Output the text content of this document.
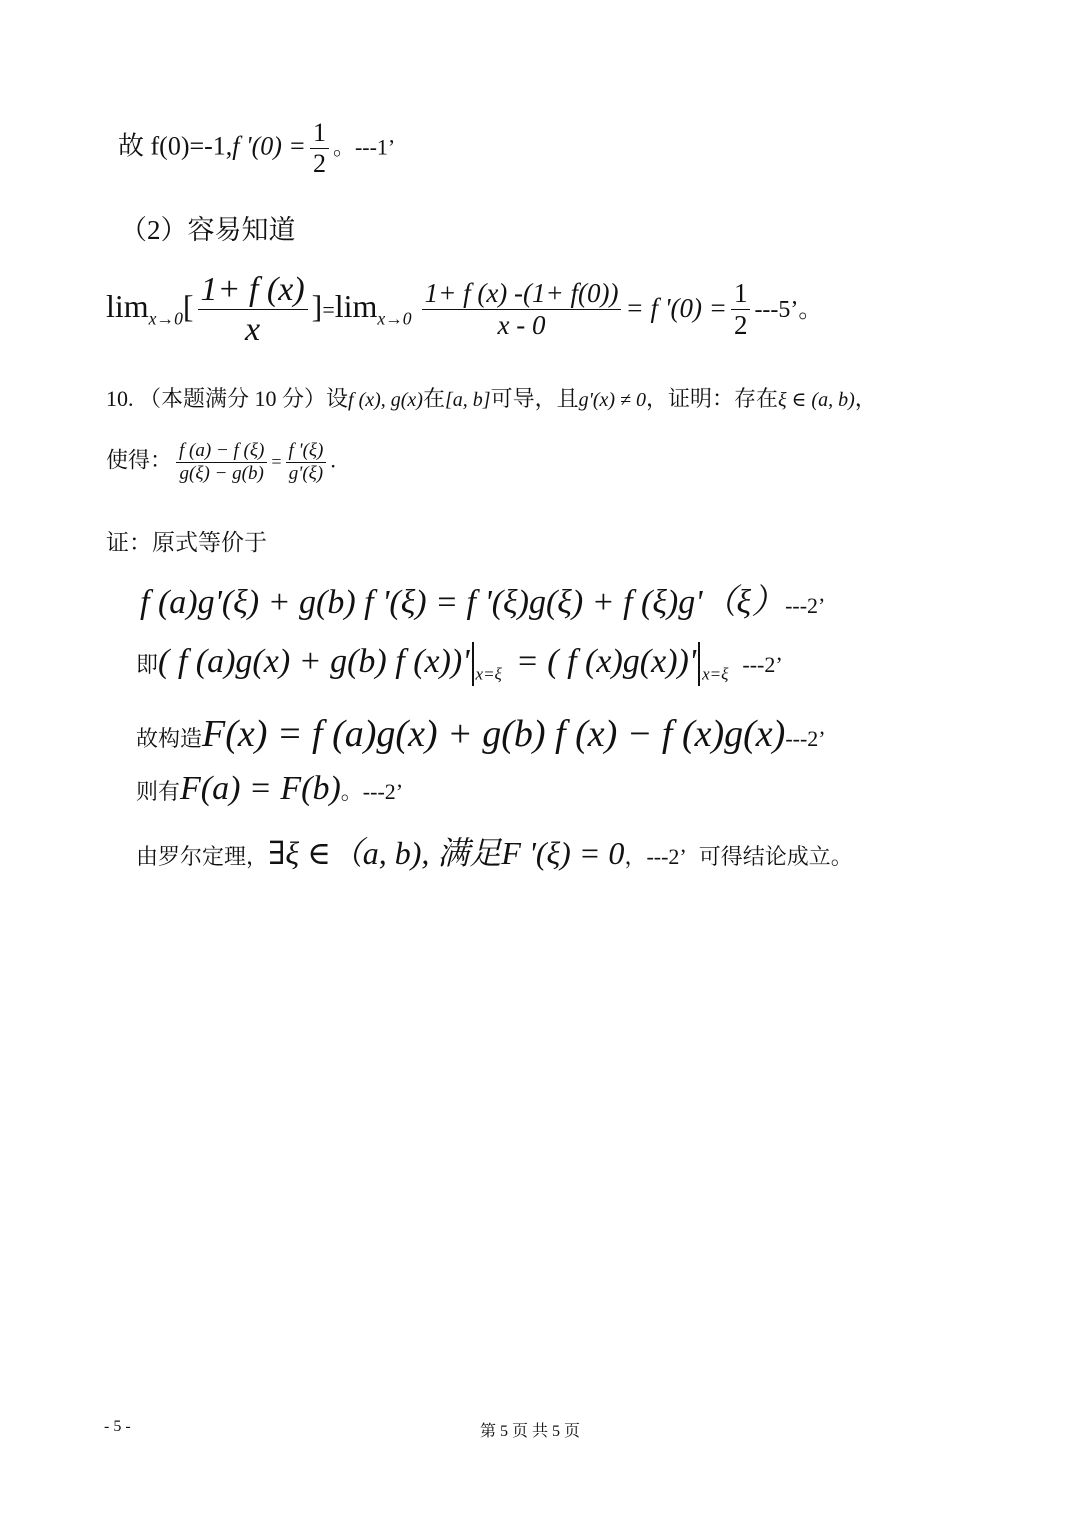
故 f(0)=-1,f '$(0) = \frac{1}{2}$ 。---1’
（2）容易知道
$\lim_{x\to 0}[ \frac{1+ f (x)}{x} ]=\lim_{x\to 0} \frac{1+ f (x) -(1+ f(0))}{x - 0} = f$ '$(0) = \frac{1}{2} ---5$’。
10. （本题满分 10 分）设f (x), g(x)在[a, b]可导，且g'(x) ≠ 0，证明：存在ξ ∈ (a, b)，
使得： $\frac{f (a) - f (\xi)}{g(\xi) - g(b)} = \frac{f '(\xi)}{g'(\xi)}$ .
证：原式等价于
f (a)g'(ξ) + g(b) f '(ξ) = f '(ξ)g(ξ) + f (ξ)g'（ξ）---2’
即( f (a)g(x) + g(b) f (x))' $_{x=\xi}$ = ( f (x)g(x))' $_{x=\xi}$ ---2’
故构造F(x) = f (a)g(x) + g(b) f (x) − f (x)g(x)---2’
则有F(a) = F(b)。---2’
由罗尔定理，∃ξ ∈（a, b), 满足F '(ξ) = 0，---2’ 可得结论成立。
- 5 -	第 5 页 共 5 页
